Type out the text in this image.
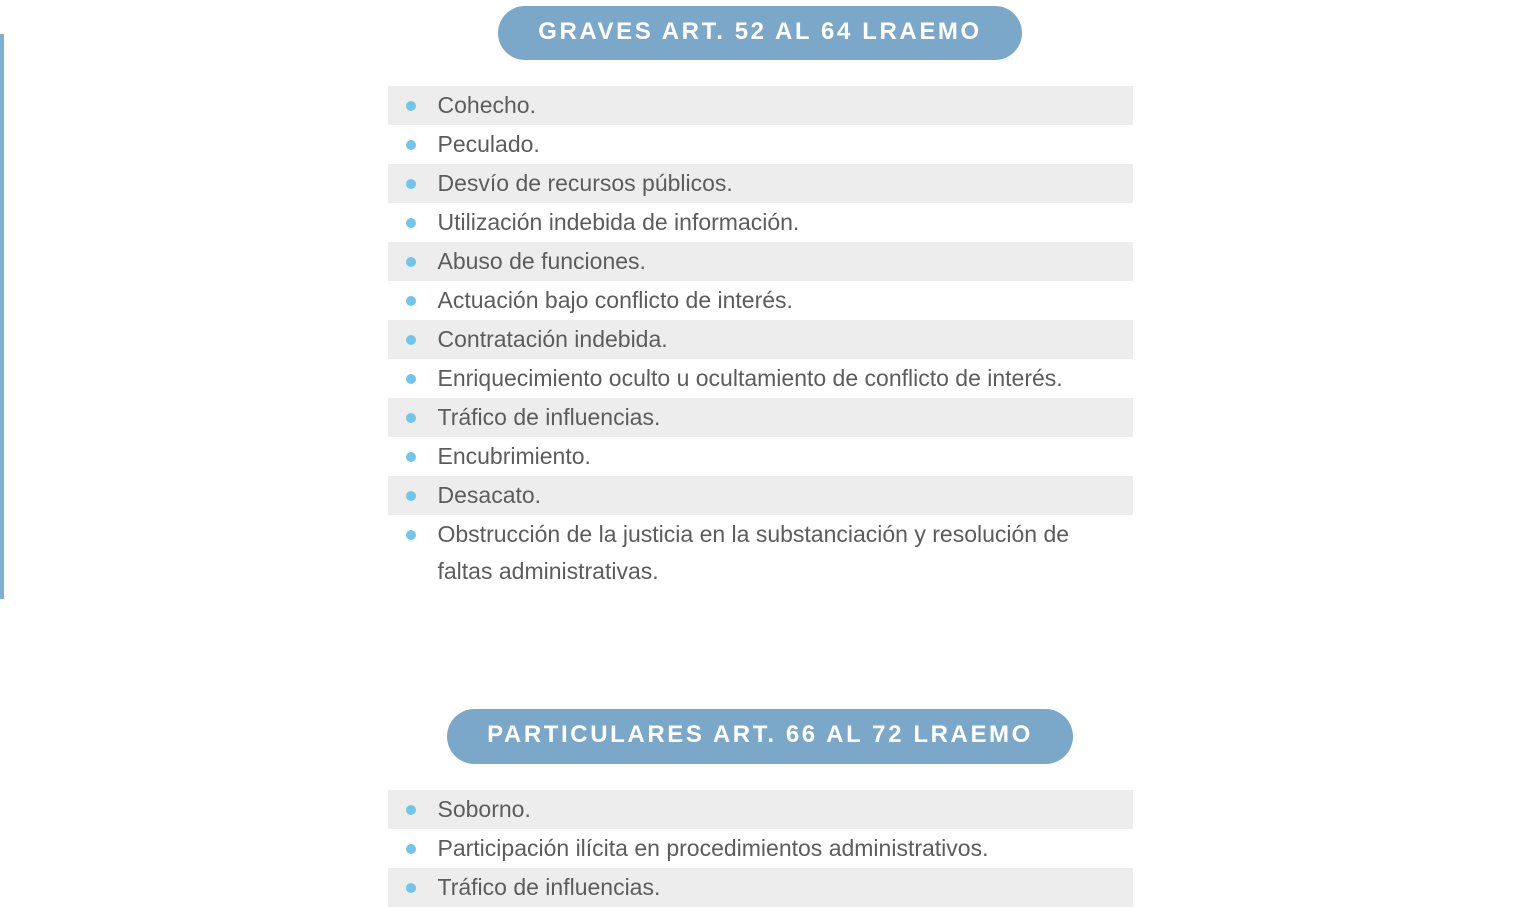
GRAVES ART. 52 AL 64 LRAEMO
Cohecho.
Peculado.
Desvío de recursos públicos.
Utilización indebida de información.
Abuso de funciones.
Actuación bajo conflicto de interés.
Contratación indebida.
Enriquecimiento oculto u ocultamiento de conflicto de interés.
Tráfico de influencias.
Encubrimiento.
Desacato.
Obstrucción de la justicia en la substanciación y resolución de faltas administrativas.
PARTICULARES ART. 66 AL 72 LRAEMO
Soborno.
Participación ilícita en procedimientos administrativos.
Tráfico de influencias.
